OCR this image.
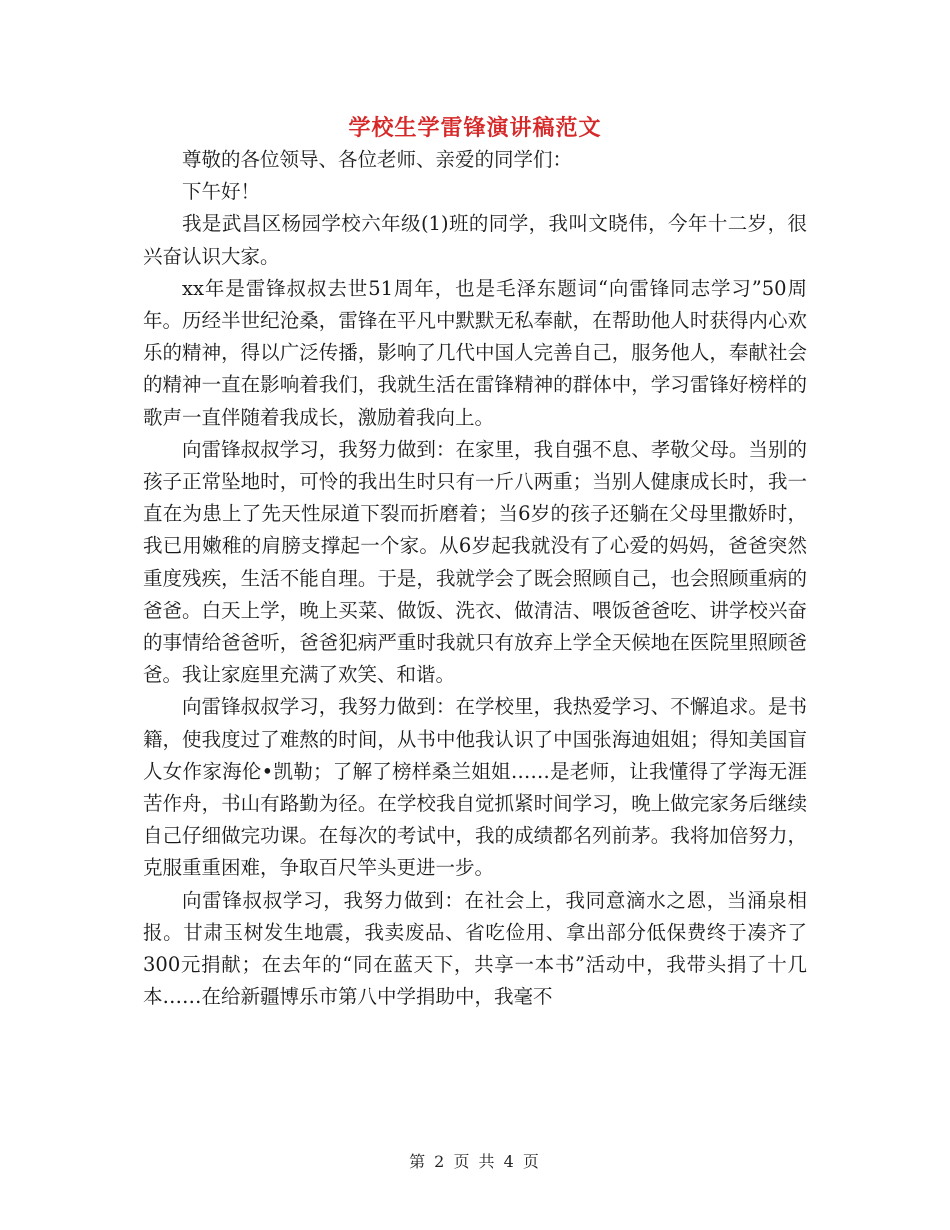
学校生学雷锋演讲稿范文

尊敬的各位领导、各位老师、亲爱的同学们：

下午好！

我是武昌区杨园学校六年级(1)班的同学，我叫文晓伟，今年十二岁，很兴奋认识大家。

xx年是雷锋叔叔去世51周年，也是毛泽东题词“向雷锋同志学习”50周年。历经半世纪沧桑，雷锋在平凡中默默无私奉献，在帮助他人时获得内心欢乐的精神，得以广泛传播，影响了几代中国人完善自己，服务他人，奉献社会的精神一直在影响着我们，我就生活在雷锋精神的群体中，学习雷锋好榜样的歌声一直伴随着我成长，激励着我向上。

向雷锋叔叔学习，我努力做到：在家里，我自强不息、孝敬父母。当别的孩子正常坠地时，可怜的我出生时只有一斤八两重；当别人健康成长时，我一直在为患上了先天性尿道下裂而折磨着；当6岁的孩子还躺在父母里撒娇时，我已用嫩稚的肩膀支撑起一个家。从6岁起我就没有了心爱的妈妈，爸爸突然重度残疾，生活不能自理。于是，我就学会了既会照顾自己，也会照顾重病的爸爸。白天上学，晚上买菜、做饭、洗衣、做清洁、喂饭爸爸吃、讲学校兴奋的事情给爸爸听，爸爸犯病严重时我就只有放弃上学全天候地在医院里照顾爸爸。我让家庭里充满了欢笑、和谐。

向雷锋叔叔学习，我努力做到：在学校里，我热爱学习、不懈追求。是书籍，使我度过了难熬的时间，从书中他我认识了中国张海迪姐姐；得知美国盲人女作家海伦•凯勒；了解了榜样桑兰姐姐……是老师，让我懂得了学海无涯苦作舟，书山有路勤为径。在学校我自觉抓紧时间学习，晚上做完家务后继续自己仔细做完功课。在每次的考试中，我的成绩都名列前茅。我将加倍努力，克服重重困难，争取百尺竿头更进一步。

向雷锋叔叔学习，我努力做到：在社会上，我同意滴水之恩，当涌泉相报。甘肃玉树发生地震，我卖废品、省吃俭用、拿出部分低保费终于凑齐了300元捐献；在去年的“同在蓝天下，共享一本书”活动中，我带头捐了十几本……在给新疆博乐市第八中学捐助中，我毫不

第 2 页 共 4 页
